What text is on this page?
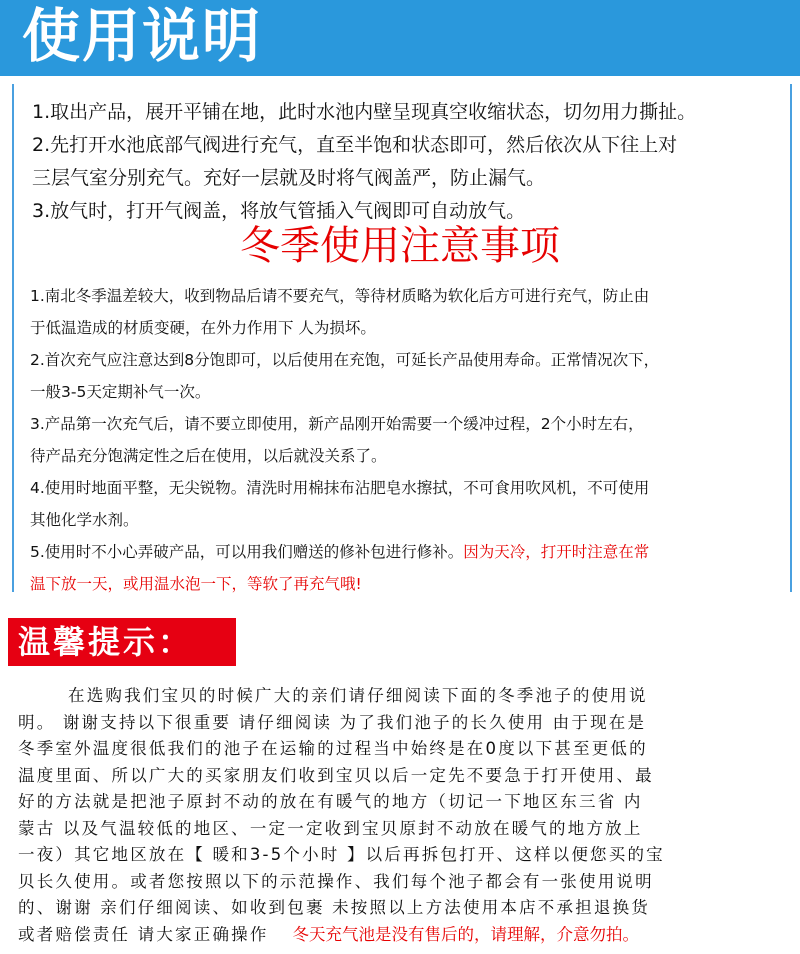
使用说明

1.取出产品，展开平铺在地，此时水池内壁呈现真空收缩状态，切勿用力撕扯。

2.先打开水池底部气阀进行充气，直至半饱和状态即可，然后依次从下往上对

三层气室分别充气。充好一层就及时将气阀盖严，防止漏气。

3.放气时，打开气阀盖，将放气管插入气阀即可自动放气。

冬季使用注意事项

1.南北冬季温差较大，收到物品后请不要充气，等待材质略为软化后方可进行充气，防止由

于低温造成的材质变硬，在外力作用下 人为损坏。

2.首次充气应注意达到8分饱即可，以后使用在充饱，可延长产品使用寿命。正常情况次下，

一般3-5天定期补气一次。

3.产品第一次充气后，请不要立即使用，新产品刚开始需要一个缓冲过程，2个小时左右，

待产品充分饱满定性之后在使用，以后就没关系了。

4.使用时地面平整，无尖锐物。清洗时用棉抹布沾肥皂水擦拭，不可食用吹风机，不可使用

其他化学水剂。

5.使用时不小心弄破产品，可以用我们赠送的修补包进行修补。因为天冷，打开时注意在常

温下放一天，或用温水泡一下，等软了再充气哦!

温馨提示：

在选购我们宝贝的时候广大的亲们请仔细阅读下面的冬季池子的使用说

明。 谢谢支持以下很重要 请仔细阅读 为了我们池子的长久使用 由于现在是

冬季室外温度很低我们的池子在运输的过程当中始终是在0度以下甚至更低的

温度里面、所以广大的买家朋友们收到宝贝以后一定先不要急于打开使用、最

好的方法就是把池子原封不动的放在有暖气的地方（切记一下地区东三省 内

蒙古 以及气温较低的地区、一定一定收到宝贝原封不动放在暖气的地方放上

一夜）其它地区放在【 暖和3-5个小时 】以后再拆包打开、这样以便您买的宝

贝长久使用。或者您按照以下的示范操作、我们每个池子都会有一张使用说明

的、谢谢 亲们仔细阅读、如收到包裹 未按照以上方法使用本店不承担退换货

或者赔偿责任 请大家正确操作 冬天充气池是没有售后的，请理解，介意勿拍。
